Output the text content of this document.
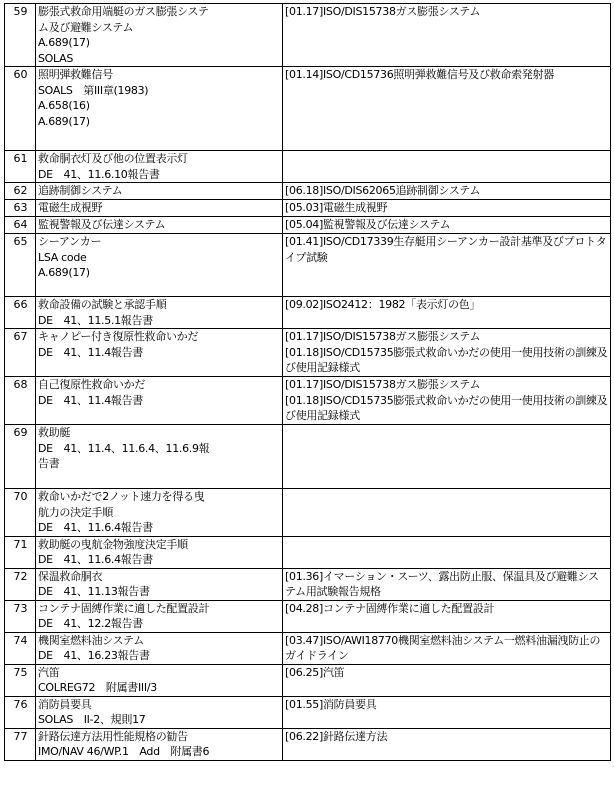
59	膨張式救命用端艇のガス膨張システ
ム及び避難システム
A.689(17)
SOLAS	[01.17]ISO/DIS15738ガス膨張システム

60	照明弾救難信号
SOALS　第III章(1983)
A.658(16)
A.689(17)	[01.14]ISO/CD15736照明弾救難信号及び救命索発射器

61	救命胴衣灯及び他の位置表示灯
DE　41、11.6.10報告書	

62	追跡制御システム	[06.18]ISO/DIS62065追跡制御システム

63	電磁生成視野	[05.03]電磁生成視野

64	監視警報及び伝達システム	[05.04]監視警報及び伝達システム

65	シーアンカー
LSA code
A.689(17)	[01.41]ISO/CD17339生存艇用シーアンカー設計基準及びプロトタイプ試験

66	救命設備の試験と承認手順
DE　41、11.5.1報告書	[09.02]ISO2412：1982「表示灯の色」

67	キャノピー付き復原性救命いかだ
DE　41、11.4報告書	[01.17]ISO/DIS15738ガス膨張システム
[01.18]ISO/CD15735膨張式救命いかだの使用一使用技術の訓練及び使用記録様式

68	自己復原性救命いかだ
DE　41、11.4報告書	[01.17]ISO/DIS15738ガス膨張システム
[01.18]ISO/CD15735膨張式救命いかだの使用一使用技術の訓練及び使用記録様式

69	救助艇
DE　41、11.4、11.6.4、11.6.9報
告書	

70	救命いかだで2ノット速力を得る曳
航力の決定手順
DE　41、11.6.4報告書	

71	救助艇の曳航金物強度決定手順
DE　41、11.6.4報告書	

72	保温救命胴衣
DE　41、11.13報告書	[01.36]イマーション・スーツ、露出防止服、保温具及び避難システム用試験報告規格

73	コンテナ固縛作業に適した配置設計
DE　41、12.2報告書	[04.28]コンテナ固縛作業に適した配置設計

74	機関室燃料油システム
DE　41、16.23報告書	[03.47]ISO/AWI18770機関室燃料油システム一燃料油漏洩防止のガイドライン

75	汽笛
COLREG72　附属書III/3	[06.25]汽笛

76	消防員要具
SOLAS　II-2、規則17	[01.55]消防員要具

77	針路伝達方法用性能規格の勧告
IMO/NAV 46/WP.1　Add　附属書6	[06.22]針路伝達方法
